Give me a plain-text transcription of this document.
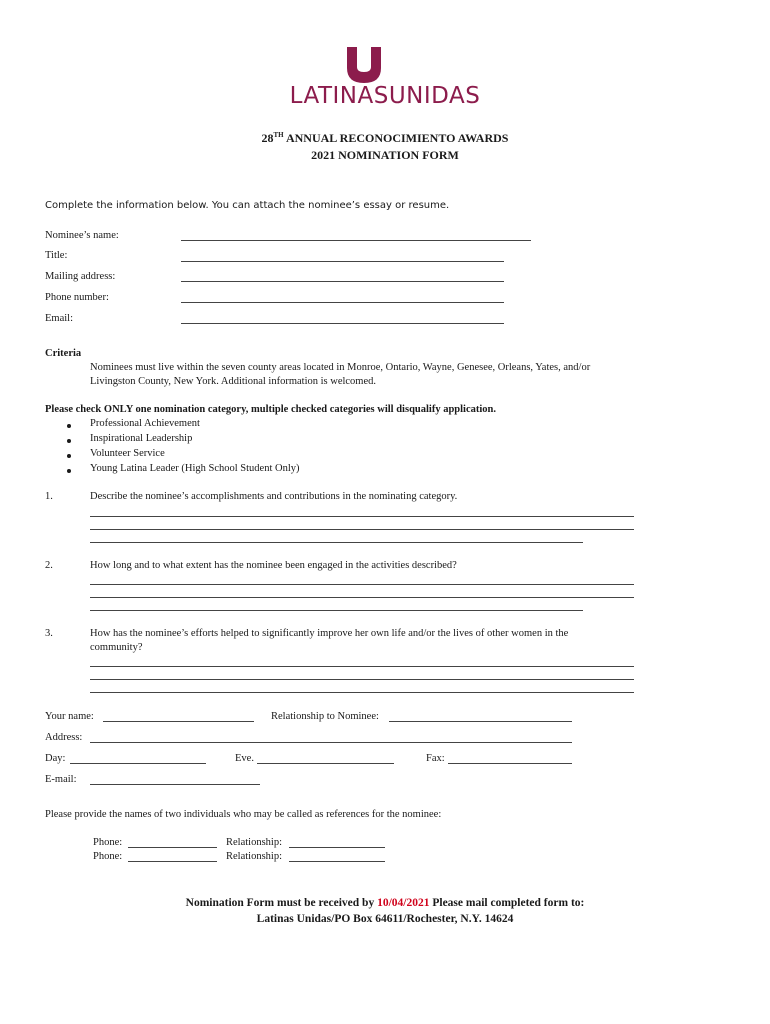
LATINASUNIDAS
28TH ANNUAL RECONOCIMIENTO AWARDS
2021 NOMINATION FORM
Complete the information below. You can attach the nominee’s essay or resume.
Nominee’s name:
Title:
Mailing address:
Phone number:
Email:
Criteria
Nominees must live within the seven county areas located in Monroe, Ontario, Wayne, Genesee, Orleans, Yates, and/or
Livingston County, New York. Additional information is welcomed.
Please check ONLY one nomination category, multiple checked categories will disqualify application.
Professional Achievement
Inspirational Leadership
Volunteer Service
Young Latina Leader (High School Student Only)
1.	Describe the nominee’s accomplishments and contributions in the nominating category.
2.	How long and to what extent has the nominee been engaged in the activities described?
3.	How has the nominee’s efforts helped to significantly improve her own life and/or the lives of other women in the
community?
Your name:	Relationship to Nominee:
Address:
Day:	Eve.	Fax:
E-mail:
Please provide the names of two individuals who may be called as references for the nominee:
Phone:	Relationship:
Phone:	Relationship:
Nomination Form must be received by 10/04/2021 Please mail completed form to:
Latinas Unidas/PO Box 64611/Rochester, N.Y. 14624
